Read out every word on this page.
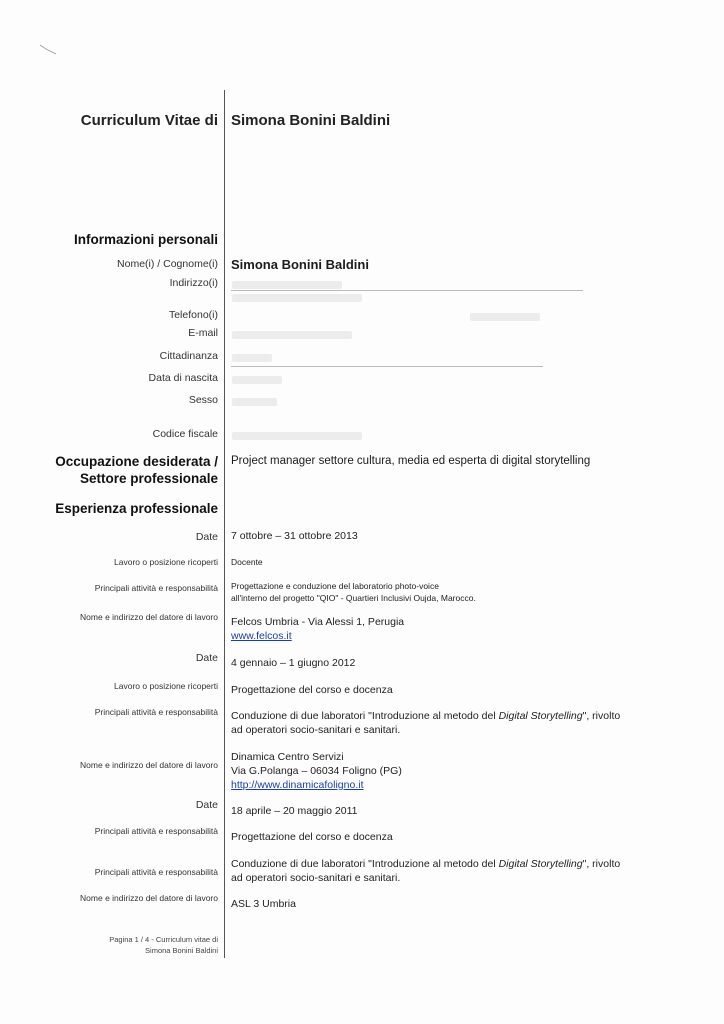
Curriculum Vitae di Simona Bonini Baldini
Informazioni personali
Nome(i) / Cognome(i) Simona Bonini Baldini
Indirizzo(i)
Telefono(i)
E-mail
Cittadinanza
Data di nascita
Sesso
Codice fiscale
Occupazione desiderata /
Settore professionale
Project manager settore cultura, media ed esperta di digital storytelling
Esperienza professionale
Date 7 ottobre – 31 ottobre 2013
Lavoro o posizione ricoperti Docente
Principali attività e responsabilità Progettazione e conduzione del laboratorio photo-voice
all'interno del progetto "QIO" - Quartieri Inclusivi Oujda, Marocco.
Nome e indirizzo del datore di lavoro Felcos Umbria - Via Alessi 1, Perugia
www.felcos.it
Date 4 gennaio – 1 giugno 2012
Lavoro o posizione ricoperti Progettazione del corso e docenza
Principali attività e responsabilità Conduzione di due laboratori "Introduzione al metodo del Digital Storytelling", rivolto
ad operatori socio-sanitari e sanitari.
Nome e indirizzo del datore di lavoro
Dinamica Centro Servizi
Via G.Polanga – 06034 Foligno (PG)
http://www.dinamicafoligno.it
Date 18 aprile – 20 maggio 2011
Principali attività e responsabilità Progettazione del corso e docenza
Principali attività e responsabilità
Conduzione di due laboratori "Introduzione al metodo del Digital Storytelling", rivolto
ad operatori socio-sanitari e sanitari.
Nome e indirizzo del datore di lavoro ASL 3 Umbria
Pagina 1 / 4 - Curriculum vitae di
Simona Bonini Baldini
